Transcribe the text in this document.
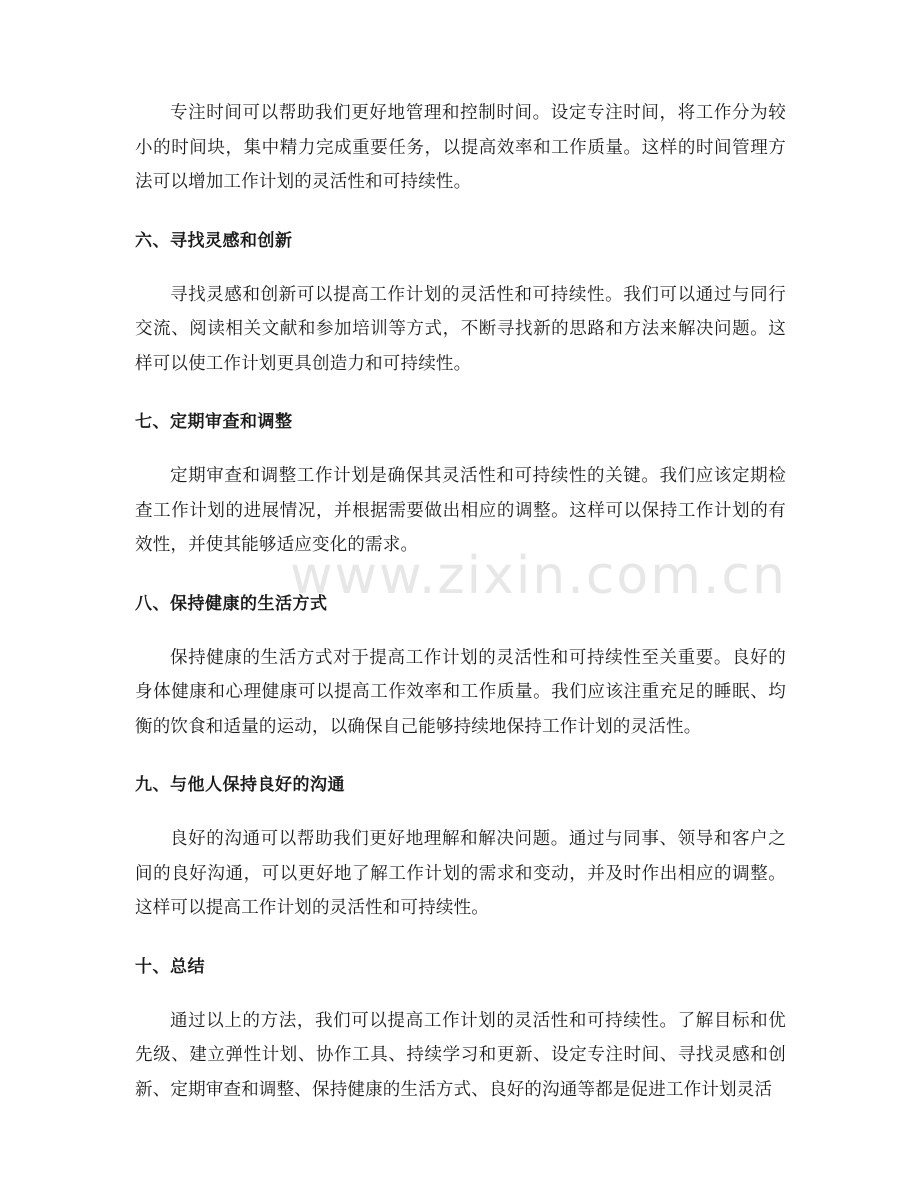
专注时间可以帮助我们更好地管理和控制时间。设定专注时间，将工作分为较小的时间块，集中精力完成重要任务，以提高效率和工作质量。这样的时间管理方法可以增加工作计划的灵活性和可持续性。

六、寻找灵感和创新

寻找灵感和创新可以提高工作计划的灵活性和可持续性。我们可以通过与同行交流、阅读相关文献和参加培训等方式，不断寻找新的思路和方法来解决问题。这样可以使工作计划更具创造力和可持续性。

七、定期审查和调整

定期审查和调整工作计划是确保其灵活性和可持续性的关键。我们应该定期检查工作计划的进展情况，并根据需要做出相应的调整。这样可以保持工作计划的有效性，并使其能够适应变化的需求。

八、保持健康的生活方式

保持健康的生活方式对于提高工作计划的灵活性和可持续性至关重要。良好的身体健康和心理健康可以提高工作效率和工作质量。我们应该注重充足的睡眠、均衡的饮食和适量的运动，以确保自己能够持续地保持工作计划的灵活性。

九、与他人保持良好的沟通

良好的沟通可以帮助我们更好地理解和解决问题。通过与同事、领导和客户之间的良好沟通，可以更好地了解工作计划的需求和变动，并及时作出相应的调整。这样可以提高工作计划的灵活性和可持续性。

十、总结

通过以上的方法，我们可以提高工作计划的灵活性和可持续性。了解目标和优先级、建立弹性计划、协作工具、持续学习和更新、设定专注时间、寻找灵感和创新、定期审查和调整、保持健康的生活方式、良好的沟通等都是促进工作计划灵活

www.zixin.com.cn
